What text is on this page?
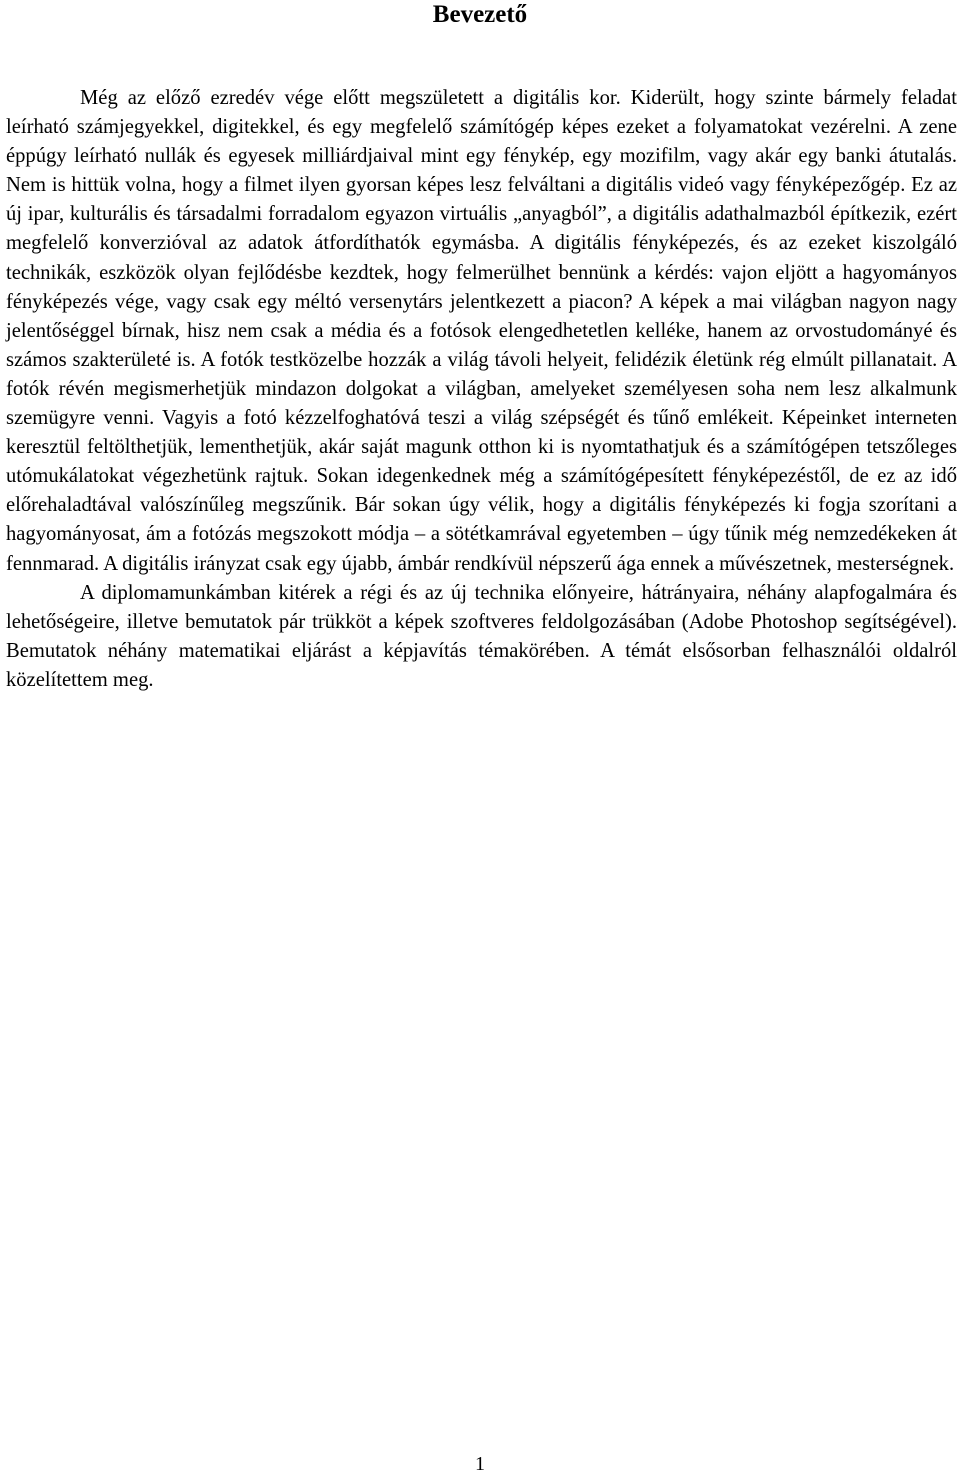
Bevezető

Még az előző ezredév vége előtt megszületett a digitális kor. Kiderült, hogy szinte bármely feladat leírható számjegyekkel, digitekkel, és egy megfelelő számítógép képes ezeket a folyamatokat vezérelni. A zene éppúgy leírható nullák és egyesek milliárdjaival mint egy fénykép, egy mozifilm, vagy akár egy banki átutalás. Nem is hittük volna, hogy a filmet ilyen gyorsan képes lesz felváltani a digitális videó vagy fényképezőgép. Ez az új ipar, kulturális és társadalmi forradalom egyazon virtuális „anyagból”, a digitális adathalmazból építkezik, ezért megfelelő konverzióval az adatok átfordíthatók egymásba. A digitális fényképezés, és az ezeket kiszolgáló technikák, eszközök olyan fejlődésbe kezdtek, hogy felmerülhet bennünk a kérdés: vajon eljött a hagyományos fényképezés vége, vagy csak egy méltó versenytárs jelentkezett a piacon? A képek a mai világban nagyon nagy jelentőséggel bírnak, hisz nem csak a média és a fotósok elengedhetetlen kelléke, hanem az orvostudományé és számos szakterületé is. A fotók testközelbe hozzák a világ távoli helyeit, felidézik életünk rég elmúlt pillanatait. A fotók révén megismerhetjük mindazon dolgokat a világban, amelyeket személyesen soha nem lesz alkalmunk szemügyre venni. Vagyis a fotó kézzelfoghatóvá teszi a világ szépségét és tűnő emlékeit. Képeinket interneten keresztül feltölthetjük, lementhetjük, akár saját magunk otthon ki is nyomtathatjuk és a számítógépen tetszőleges utómukálatokat végezhetünk rajtuk. Sokan idegenkednek még a számítógépesített fényképezéstől, de ez az idő előrehaladtával valószínűleg megszűnik. Bár sokan úgy vélik, hogy a digitális fényképezés ki fogja szorítani a hagyományosat, ám a fotózás megszokott módja – a sötétkamrával egyetemben – úgy tűnik még nemzedékeken át fennmarad. A digitális irányzat csak egy újabb, ámbár rendkívül népszerű ága ennek a művészetnek, mesterségnek.

A diplomamunkámban kitérek a régi és az új technika előnyeire, hátrányaira, néhány alapfogalmára és lehetőségeire, illetve bemutatok pár trükköt a képek szoftveres feldolgozásában (Adobe Photoshop segítségével). Bemutatok néhány matematikai eljárást a képjavítás témakörében. A témát elsősorban felhasználói oldalról közelítettem meg.

1
